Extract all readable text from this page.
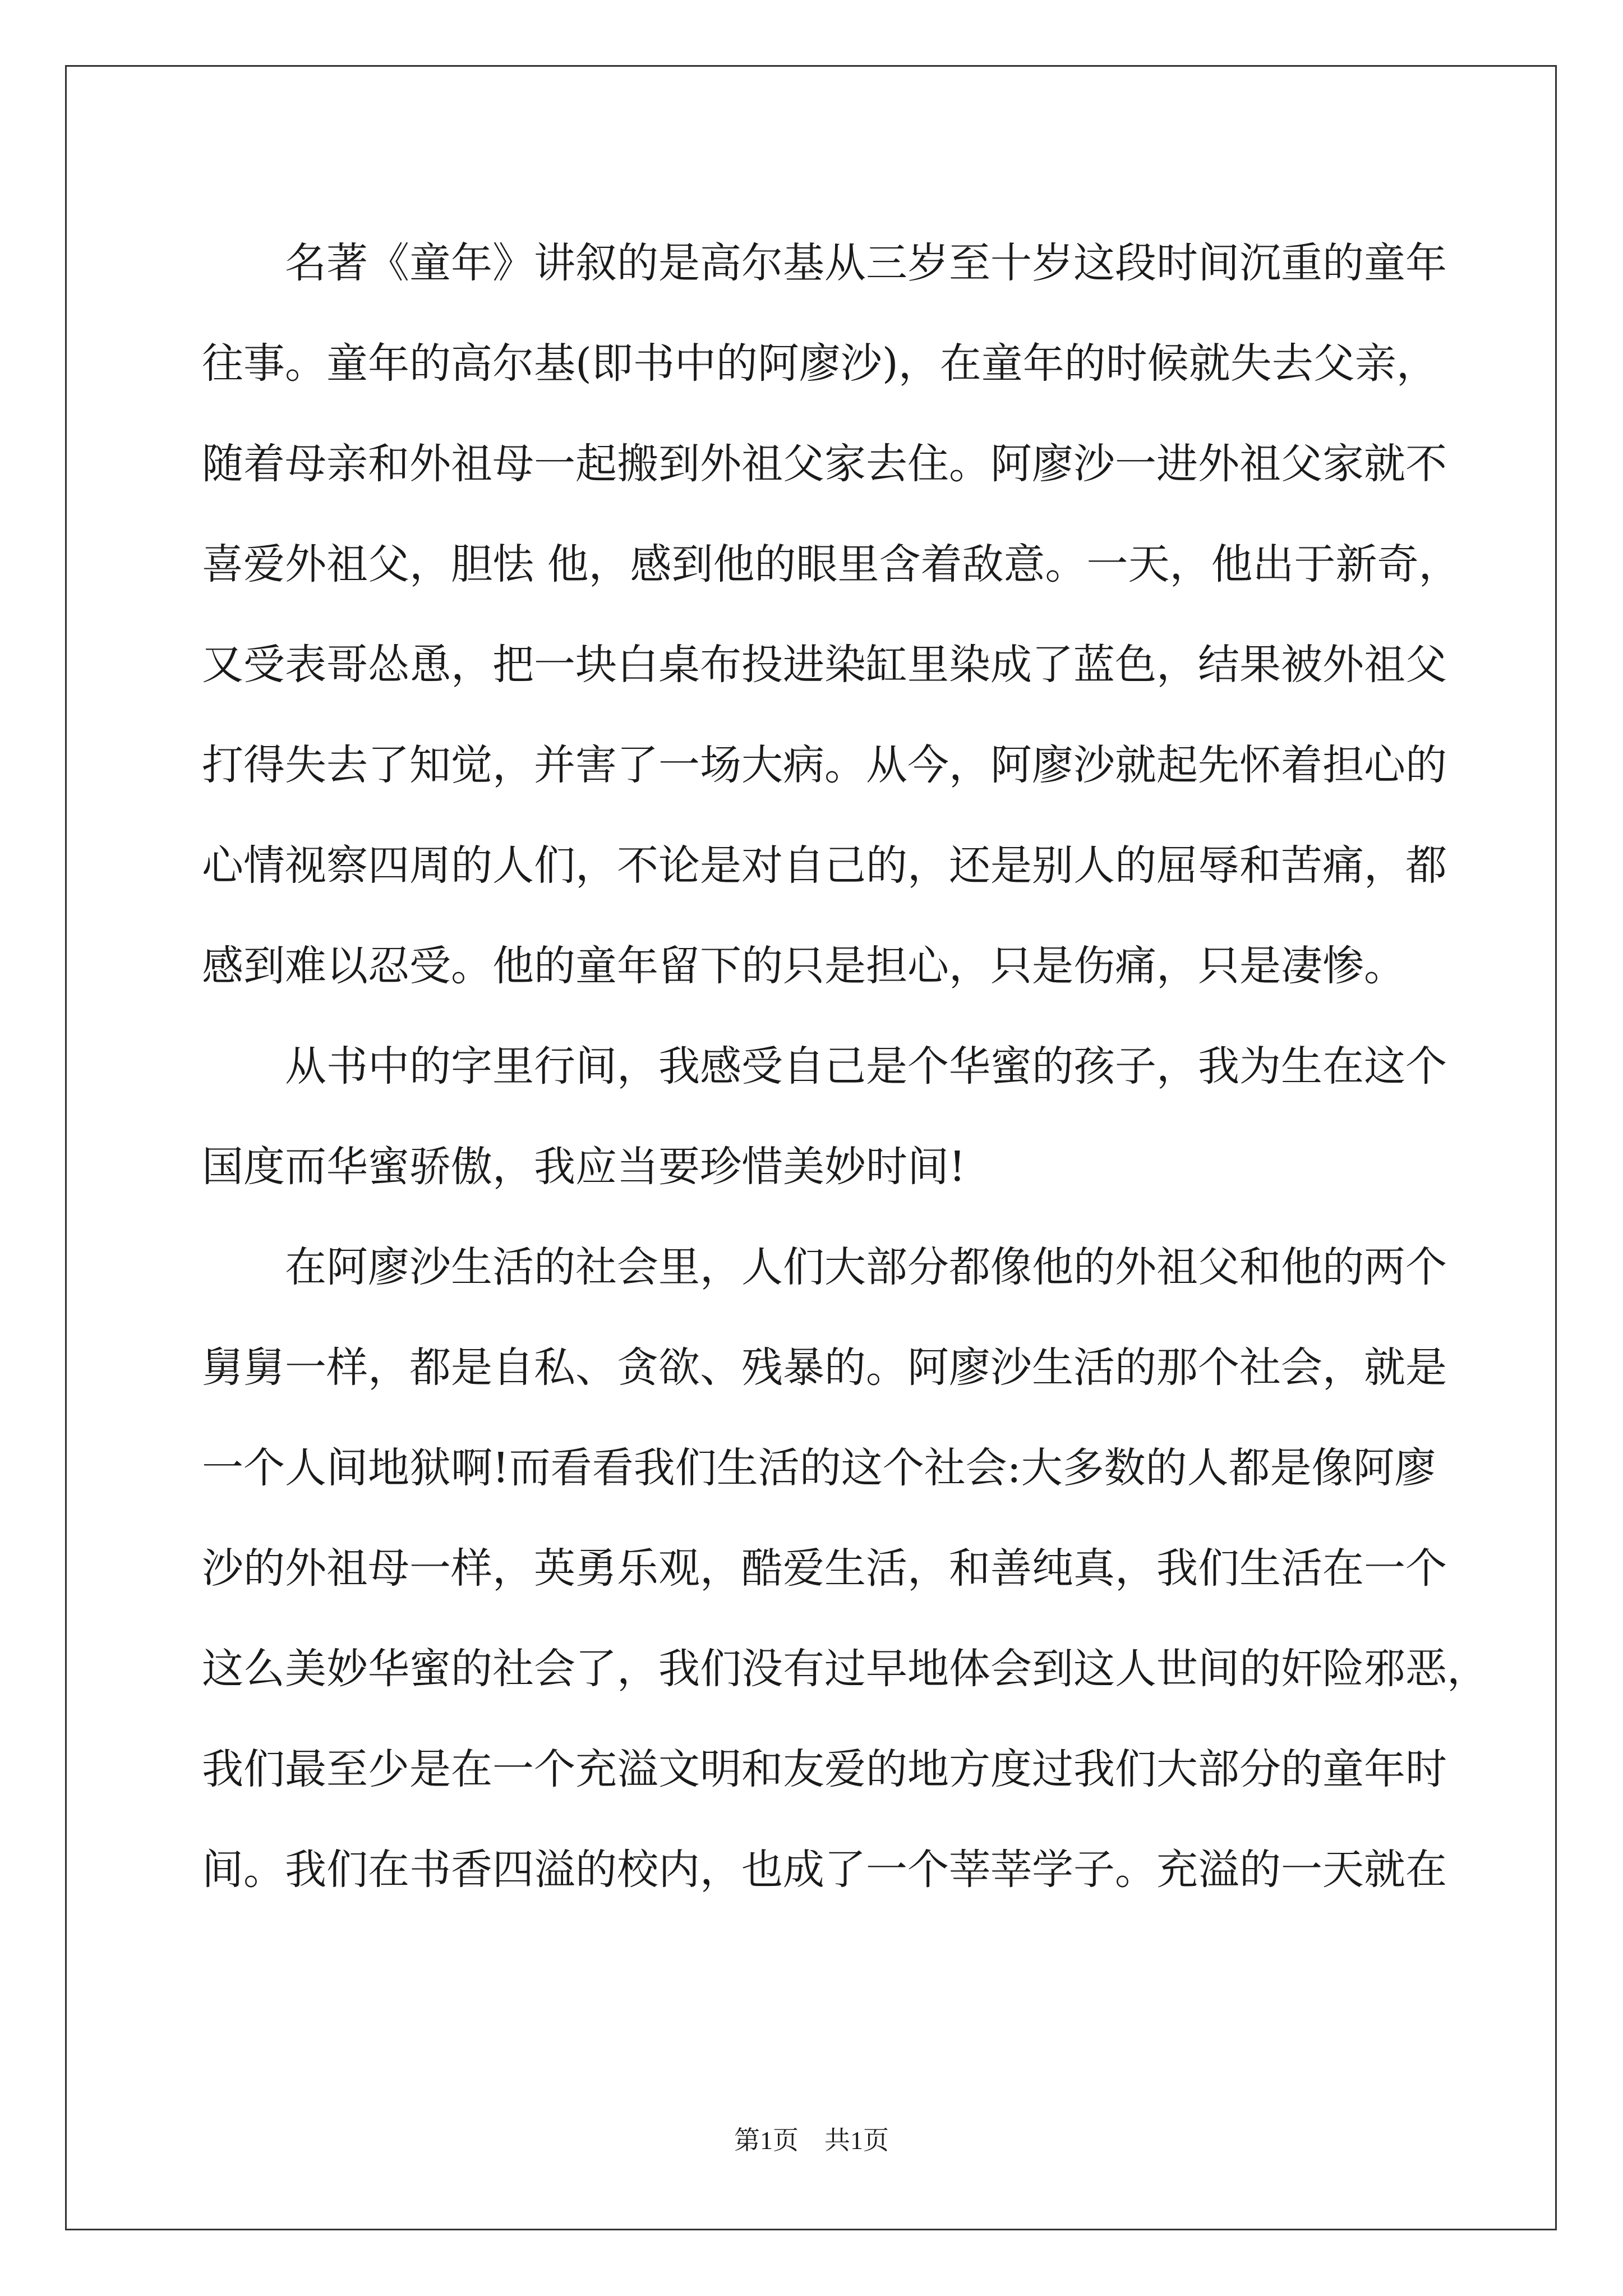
名著《童年》讲叙的是高尔基从三岁至十岁这段时间沉重的童年
往事。童年的高尔基(即书中的阿廖沙)，在童年的时候就失去父亲，
随着母亲和外祖母一起搬到外祖父家去住。阿廖沙一进外祖父家就不
喜爱外祖父，胆怯 他，感到他的眼里含着敌意。一天，他出于新奇，
又受表哥怂恿，把一块白桌布投进染缸里染成了蓝色，结果被外祖父
打得失去了知觉，并害了一场大病。从今，阿廖沙就起先怀着担心的
心情视察四周的人们，不论是对自己的，还是别人的屈辱和苦痛，都
感到难以忍受。他的童年留下的只是担心，只是伤痛，只是凄惨。
从书中的字里行间，我感受自己是个华蜜的孩子，我为生在这个
国度而华蜜骄傲，我应当要珍惜美妙时间!
在阿廖沙生活的社会里，人们大部分都像他的外祖父和他的两个
舅舅一样，都是自私、贪欲、残暴的。阿廖沙生活的那个社会，就是
一个人间地狱啊!而看看我们生活的这个社会:大多数的人都是像阿廖
沙的外祖母一样，英勇乐观，酷爱生活，和善纯真，我们生活在一个
这么美妙华蜜的社会了，我们没有过早地体会到这人世间的奸险邪恶，
我们最至少是在一个充溢文明和友爱的地方度过我们大部分的童年时
间。我们在书香四溢的校内，也成了一个莘莘学子。充溢的一天就在
第1页　共1页
